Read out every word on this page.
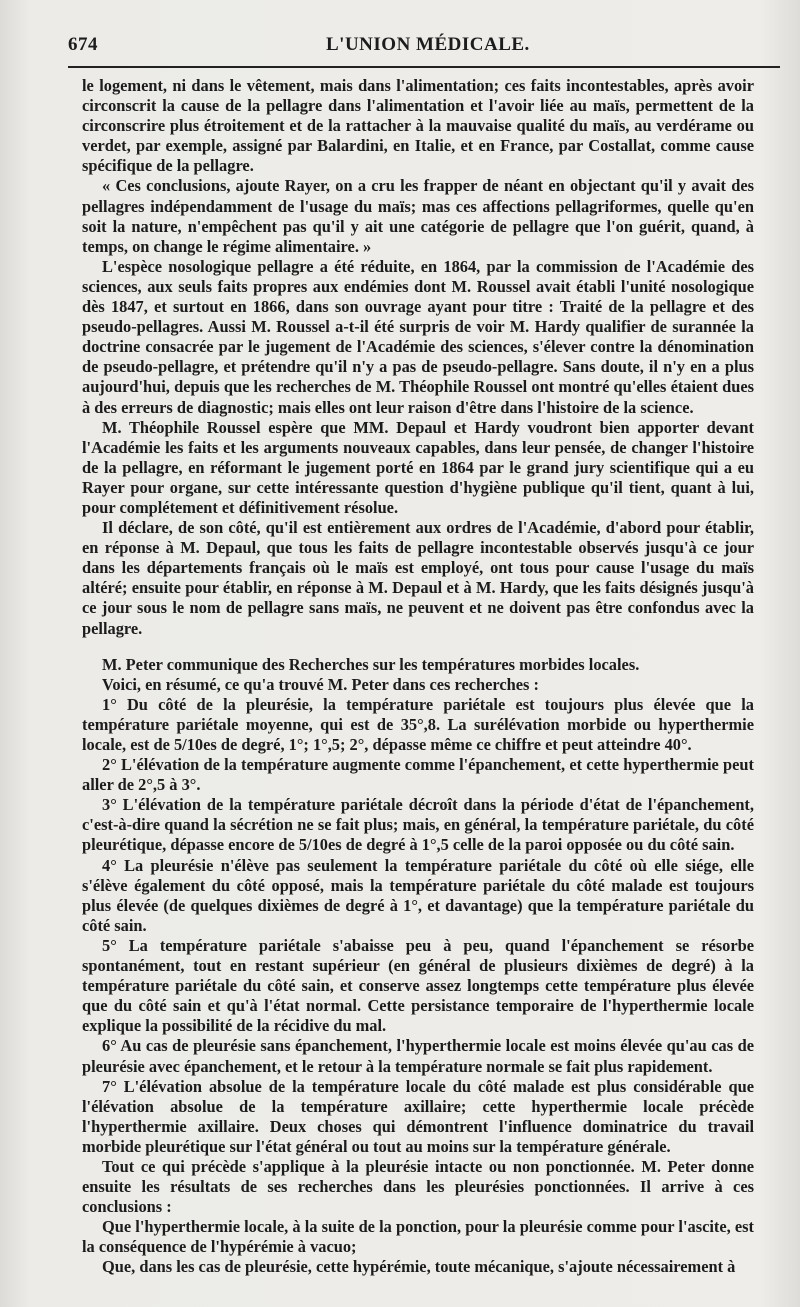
674	L'UNION MÉDICALE.

le logement, ni dans le vêtement, mais dans l'alimentation; ces faits incontestables, après avoir circonscrit la cause de la pellagre dans l'alimentation et l'avoir liée au maïs, permettent de la circonscrire plus étroitement et de la rattacher à la mauvaise qualité du maïs, au verdérame ou verdet, par exemple, assigné par Balardini, en Italie, et en France, par Costallat, comme cause spécifique de la pellagre.

« Ces conclusions, ajoute Rayer, on a cru les frapper de néant en objectant qu'il y avait des pellagres indépendamment de l'usage du maïs; mas ces affections pellagriformes, quelle qu'en soit la nature, n'empêchent pas qu'il y ait une catégorie de pellagre que l'on guérit, quand, à temps, on change le régime alimentaire. »

L'espèce nosologique pellagre a été réduite, en 1864, par la commission de l'Académie des sciences, aux seuls faits propres aux endémies dont M. Roussel avait établi l'unité nosologique dès 1847, et surtout en 1866, dans son ouvrage ayant pour titre : Traité de la pellagre et des pseudo-pellagres. Aussi M. Roussel a-t-il été surpris de voir M. Hardy qualifier de surannée la doctrine consacrée par le jugement de l'Académie des sciences, s'élever contre la dénomination de pseudo-pellagre, et prétendre qu'il n'y a pas de pseudo-pellagre. Sans doute, il n'y en a plus aujourd'hui, depuis que les recherches de M. Théophile Roussel ont montré qu'elles étaient dues à des erreurs de diagnostic; mais elles ont leur raison d'être dans l'histoire de la science.

M. Théophile Roussel espère que MM. Depaul et Hardy voudront bien apporter devant l'Académie les faits et les arguments nouveaux capables, dans leur pensée, de changer l'histoire de la pellagre, en réformant le jugement porté en 1864 par le grand jury scientifique qui a eu Rayer pour organe, sur cette intéressante question d'hygiène publique qu'il tient, quant à lui, pour complétement et définitivement résolue.

Il déclare, de son côté, qu'il est entièrement aux ordres de l'Académie, d'abord pour établir, en réponse à M. Depaul, que tous les faits de pellagre incontestable observés jusqu'à ce jour dans les départements français où le maïs est employé, ont tous pour cause l'usage du maïs altéré; ensuite pour établir, en réponse à M. Depaul et à M. Hardy, que les faits désignés jusqu'à ce jour sous le nom de pellagre sans maïs, ne peuvent et ne doivent pas être confondus avec la pellagre.

M. Peter communique des Recherches sur les températures morbides locales.

Voici, en résumé, ce qu'a trouvé M. Peter dans ces recherches :

1° Du côté de la pleurésie, la température pariétale est toujours plus élevée que la température pariétale moyenne, qui est de 35°,8. La surélévation morbide ou hyperthermie locale, est de 5/10es de degré, 1°; 1°,5; 2°, dépasse même ce chiffre et peut atteindre 40°.

2° L'élévation de la température augmente comme l'épanchement, et cette hyperthermie peut aller de 2°,5 à 3°.

3° L'élévation de la température pariétale décroît dans la période d'état de l'épanchement, c'est-à-dire quand la sécrétion ne se fait plus; mais, en général, la température pariétale, du côté pleurétique, dépasse encore de 5/10es de degré à 1°,5 celle de la paroi opposée ou du côté sain.

4° La pleurésie n'élève pas seulement la température pariétale du côté où elle siége, elle s'élève également du côté opposé, mais la température pariétale du côté malade est toujours plus élevée (de quelques dixièmes de degré à 1°, et davantage) que la température pariétale du côté sain.

5° La température pariétale s'abaisse peu à peu, quand l'épanchement se résorbe spontanément, tout en restant supérieur (en général de plusieurs dixièmes de degré) à la température pariétale du côté sain, et conserve assez longtemps cette température plus élevée que du côté sain et qu'à l'état normal. Cette persistance temporaire de l'hyperthermie locale explique la possibilité de la récidive du mal.

6° Au cas de pleurésie sans épanchement, l'hyperthermie locale est moins élevée qu'au cas de pleurésie avec épanchement, et le retour à la température normale se fait plus rapidement.

7° L'élévation absolue de la température locale du côté malade est plus considérable que l'élévation absolue de la température axillaire; cette hyperthermie locale précède l'hyperthermie axillaire. Deux choses qui démontrent l'influence dominatrice du travail morbide pleurétique sur l'état général ou tout au moins sur la température générale.

Tout ce qui précède s'applique à la pleurésie intacte ou non ponctionnée. M. Peter donne ensuite les résultats de ses recherches dans les pleurésies ponctionnées. Il arrive à ces conclusions :

Que l'hyperthermie locale, à la suite de la ponction, pour la pleurésie comme pour l'ascite, est la conséquence de l'hypérémie à vacuo;

Que, dans les cas de pleurésie, cette hypérémie, toute mécanique, s'ajoute nécessairement à
